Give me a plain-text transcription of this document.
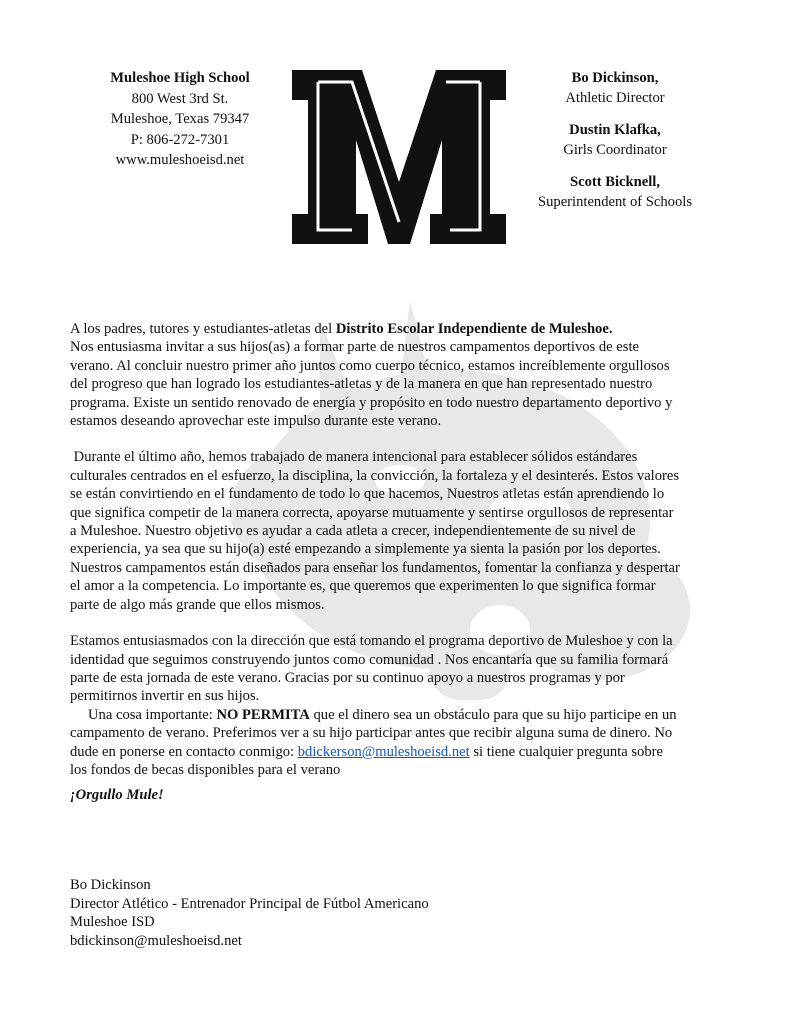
Muleshoe High School
800 West 3rd St.
Muleshoe, Texas 79347
P: 806-272-7301
www.muleshoeisd.net
Bo Dickinson,
Athletic Director
Dustin Klafka,
Girls Coordinator
Scott Bicknell,
Superintendent of Schools

A los padres, tutores y estudiantes-atletas del Distrito Escolar Independiente de Muleshoe.

Nos entusiasma invitar a sus hijos(as) a formar parte de nuestros campamentos deportivos de este

verano. Al concluir nuestro primer año juntos como cuerpo técnico, estamos increíblemente orgullosos

del progreso que han logrado los estudiantes-atletas y de la manera en que han representado nuestro

programa. Existe un sentido renovado de energía y propósito en todo nuestro departamento deportivo y

estamos deseando aprovechar este impulso durante este verano.

Durante el último año, hemos trabajado de manera intencional para establecer sólidos estándares

culturales centrados en el esfuerzo, la disciplina, la convicción, la fortaleza y el desinterés. Estos valores

se están convirtiendo en el fundamento de todo lo que hacemos, Nuestros atletas están aprendiendo lo

que significa competir de la manera correcta, apoyarse mutuamente y sentirse orgullosos de representar

a Muleshoe. Nuestro objetivo es ayudar a cada atleta a crecer, independientemente de su nivel de

experiencia, ya sea que su hijo(a) esté empezando a simplemente ya sienta la pasión por los deportes.

Nuestros campamentos están diseñados para enseñar los fundamentos, fomentar la confianza y despertar

el amor a la competencia. Lo importante es, que queremos que experimenten lo que significa formar

parte de algo más grande que ellos mismos.

Estamos entusiasmados con la dirección que está tomando el programa deportivo de Muleshoe y con la

identidad que seguimos construyendo juntos como comunidad . Nos encantaría que su familia formará

parte de esta jornada de este verano. Gracias por su continuo apoyo a nuestros programas y por

permitirnos invertir en sus hijos.

Una cosa importante: NO PERMITA que el dinero sea un obstáculo para que su hijo participe en un

campamento de verano. Preferimos ver a su hijo participar antes que recibir alguna suma de dinero. No

dude en ponerse en contacto conmigo: bdickerson@muleshoeisd.net si tiene cualquier pregunta sobre

los fondos de becas disponibles para el verano

¡Orgullo Mule!
Bo Dickinson
Director Atlético - Entrenador Principal de Fútbol Americano
Muleshoe ISD
bdickinson@muleshoeisd.net
